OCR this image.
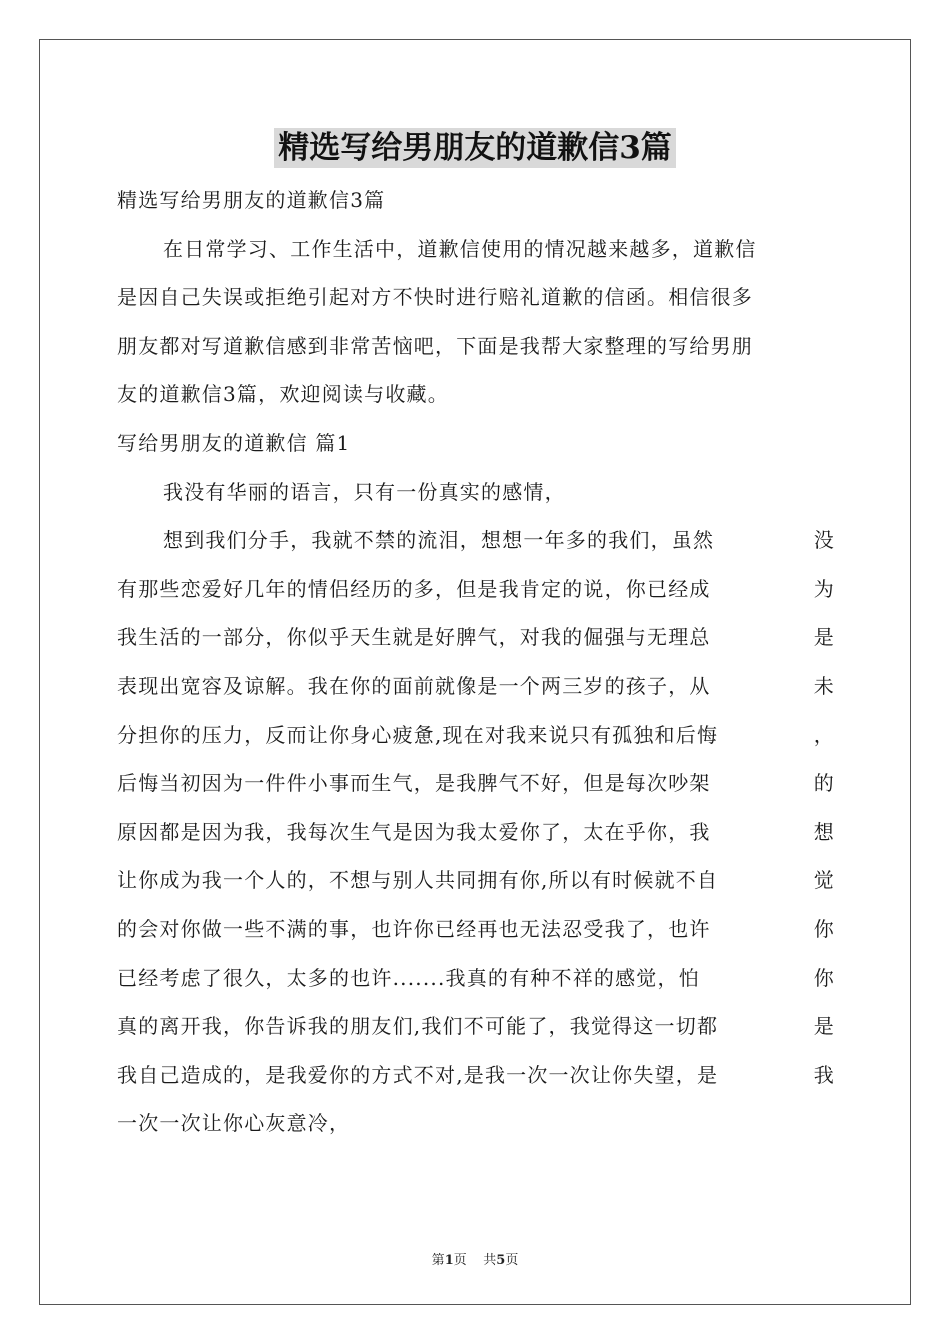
精选写给男朋友的道歉信3篇
精选写给男朋友的道歉信3篇
在日常学习、工作生活中，道歉信使用的情况越来越多，道歉信
是因自己失误或拒绝引起对方不快时进行赔礼道歉的信函。相信很多
朋友都对写道歉信感到非常苦恼吧，下面是我帮大家整理的写给男朋
友的道歉信3篇，欢迎阅读与收藏。
写给男朋友的道歉信 篇1
我没有华丽的语言，只有一份真实的感情，
想到我们分手，我就不禁的流泪，想想一年多的我们，虽然	没
有那些恋爱好几年的情侣经历的多，但是我肯定的说，你已经成	为
我生活的一部分，你似乎天生就是好脾气，对我的倔强与无理总	是
表现出宽容及谅解。我在你的面前就像是一个两三岁的孩子，从	未
分担你的压力，反而让你身心疲惫,现在对我来说只有孤独和后悔	，
后悔当初因为一件件小事而生气，是我脾气不好，但是每次吵架	的
原因都是因为我，我每次生气是因为我太爱你了，太在乎你，我	想
让你成为我一个人的，不想与别人共同拥有你,所以有时候就不自	觉
的会对你做一些不满的事，也许你已经再也无法忍受我了，也许	你
已经考虑了很久，太多的也许.......我真的有种不祥的感觉，怕	你
真的离开我，你告诉我的朋友们,我们不可能了，我觉得这一切都	是
我自己造成的，是我爱你的方式不对,是我一次一次让你失望，是	我
一次一次让你心灰意冷，
第1页    共5页
